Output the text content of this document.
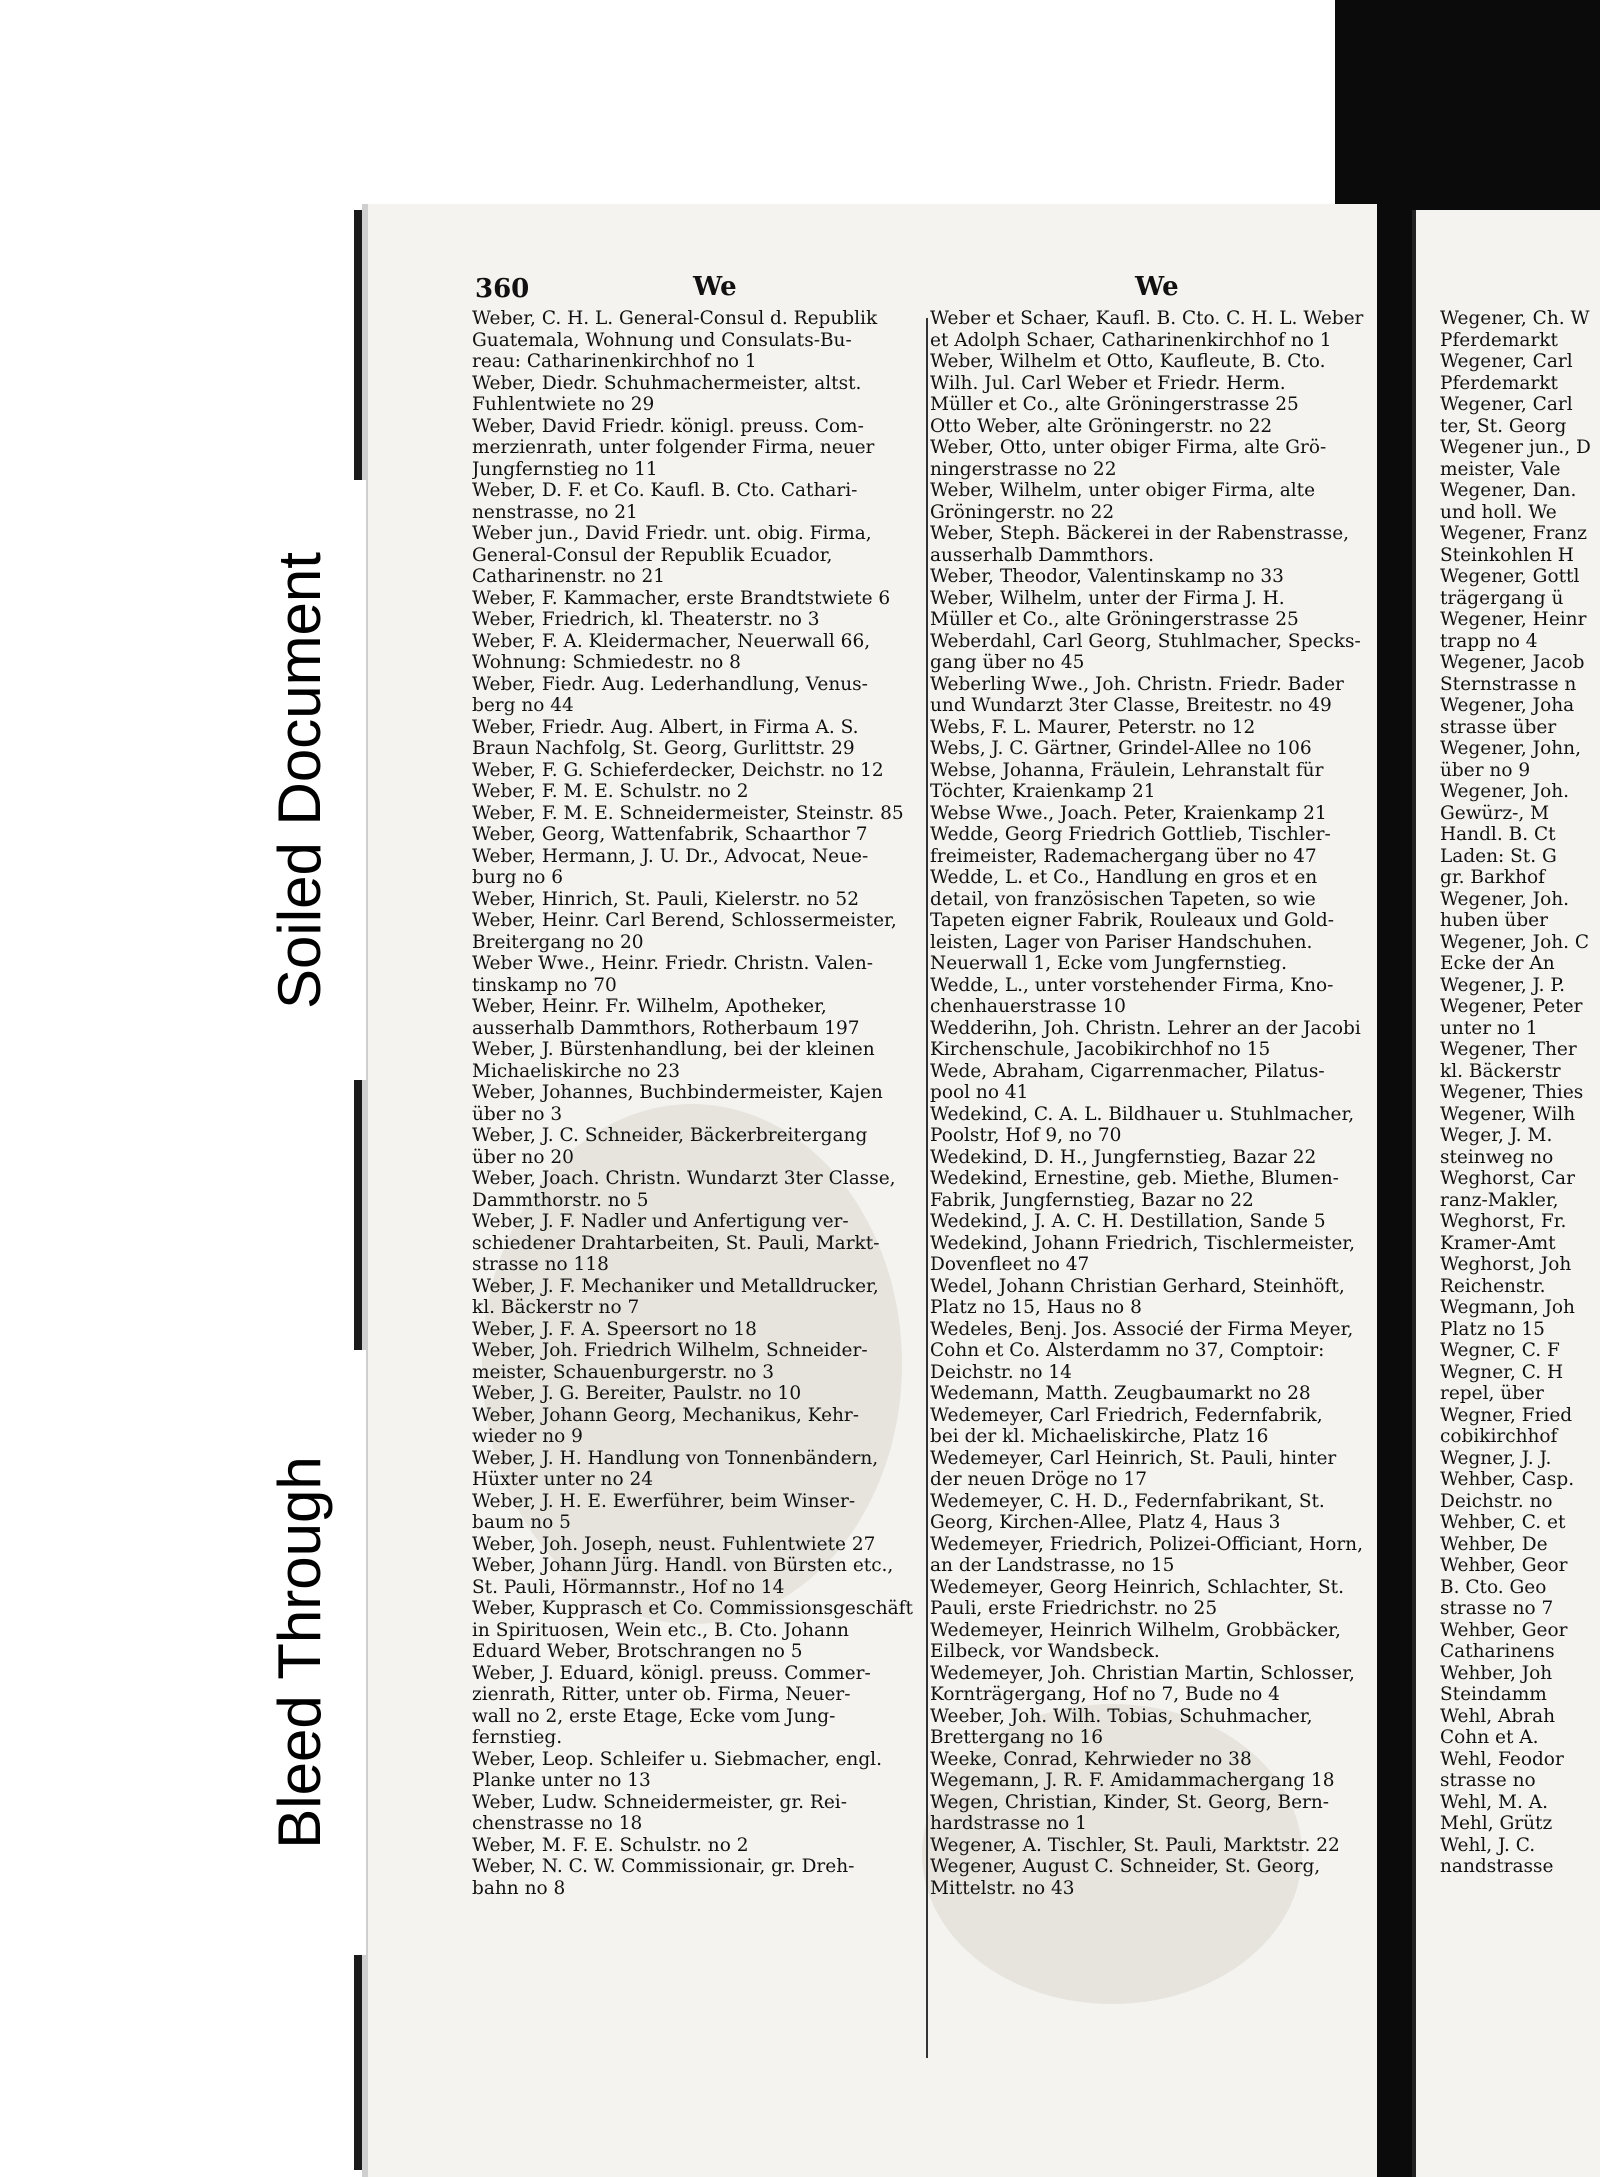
Soiled Document
Bleed Through
360	We	We
Weber, C. H. L. General-Consul d. Republik
Guatemala, Wohnung und Consulats-Bu-
reau: Catharinenkirchhof no 1
Weber, Diedr. Schuhmachermeister, altst.
Fuhlentwiete no 29
Weber, David Friedr. königl. preuss. Com-
merzienrath, unter folgender Firma, neuer
Jungfernstieg no 11
Weber, D. F. et Co. Kaufl. B. Cto. Cathari-
nenstrasse, no 21
Weber jun., David Friedr. unt. obig. Firma,
General-Consul der Republik Ecuador,
Catharinenstr. no 21
Weber, F. Kammacher, erste Brandtstwiete 6
Weber, Friedrich, kl. Theaterstr. no 3
Weber, F. A. Kleidermacher, Neuerwall 66,
Wohnung: Schmiedestr. no 8
Weber, Fiedr. Aug. Lederhandlung, Venus-
berg no 44
Weber, Friedr. Aug. Albert, in Firma A. S.
Braun Nachfolg, St. Georg, Gurlittstr. 29
Weber, F. G. Schieferdecker, Deichstr. no 12
Weber, F. M. E. Schulstr. no 2
Weber, F. M. E. Schneidermeister, Steinstr. 85
Weber, Georg, Wattenfabrik, Schaarthor 7
Weber, Hermann, J. U. Dr., Advocat, Neue-
burg no 6
Weber, Hinrich, St. Pauli, Kielerstr. no 52
Weber, Heinr. Carl Berend, Schlossermeister,
Breitergang no 20
Weber Wwe., Heinr. Friedr. Christn. Valen-
tinskamp no 70
Weber, Heinr. Fr. Wilhelm, Apotheker,
ausserhalb Dammthors, Rotherbaum 197
Weber, J. Bürstenhandlung, bei der kleinen
Michaeliskirche no 23
Weber, Johannes, Buchbindermeister, Kajen
über no 3
Weber, J. C. Schneider, Bäckerbreitergang
über no 20
Weber, Joach. Christn. Wundarzt 3ter Classe,
Dammthorstr. no 5
Weber, J. F. Nadler und Anfertigung ver-
schiedener Drahtarbeiten, St. Pauli, Markt-
strasse no 118
Weber, J. F. Mechaniker und Metalldrucker,
kl. Bäckerstr no 7
Weber, J. F. A. Speersort no 18
Weber, Joh. Friedrich Wilhelm, Schneider-
meister, Schauenburgerstr. no 3
Weber, J. G. Bereiter, Paulstr. no 10
Weber, Johann Georg, Mechanikus, Kehr-
wieder no 9
Weber, J. H. Handlung von Tonnenbändern,
Hüxter unter no 24
Weber, J. H. E. Ewerführer, beim Winser-
baum no 5
Weber, Joh. Joseph, neust. Fuhlentwiete 27
Weber, Johann Jürg. Handl. von Bürsten etc.,
St. Pauli, Hörmannstr., Hof no 14
Weber, Kupprasch et Co. Commissionsgeschäft
in Spirituosen, Wein etc., B. Cto. Johann
Eduard Weber, Brotschrangen no 5
Weber, J. Eduard, königl. preuss. Commer-
zienrath, Ritter, unter ob. Firma, Neuer-
wall no 2, erste Etage, Ecke vom Jung-
fernstieg.
Weber, Leop. Schleifer u. Siebmacher, engl.
Planke unter no 13
Weber, Ludw. Schneidermeister, gr. Rei-
chenstrasse no 18
Weber, M. F. E. Schulstr. no 2
Weber, N. C. W. Commissionair, gr. Dreh-
bahn no 8
Weber et Schaer, Kaufl. B. Cto. C. H. L. Weber
et Adolph Schaer, Catharinenkirchhof no 1
Weber, Wilhelm et Otto, Kaufleute, B. Cto.
Wilh. Jul. Carl Weber et Friedr. Herm.
Müller et Co., alte Gröningerstrasse 25
Otto Weber, alte Gröningerstr. no 22
Weber, Otto, unter obiger Firma, alte Grö-
ningerstrasse no 22
Weber, Wilhelm, unter obiger Firma, alte
Gröningerstr. no 22
Weber, Steph. Bäckerei in der Rabenstrasse,
ausserhalb Dammthors.
Weber, Theodor, Valentinskamp no 33
Weber, Wilhelm, unter der Firma J. H.
Müller et Co., alte Gröningerstrasse 25
Weberdahl, Carl Georg, Stuhlmacher, Specks-
gang über no 45
Weberling Wwe., Joh. Christn. Friedr. Bader
und Wundarzt 3ter Classe, Breitestr. no 49
Webs, F. L. Maurer, Peterstr. no 12
Webs, J. C. Gärtner, Grindel-Allee no 106
Webse, Johanna, Fräulein, Lehranstalt für
Töchter, Kraienkamp 21
Webse Wwe., Joach. Peter, Kraienkamp 21
Wedde, Georg Friedrich Gottlieb, Tischler-
freimeister, Rademachergang über no 47
Wedde, L. et Co., Handlung en gros et en
detail, von französischen Tapeten, so wie
Tapeten eigner Fabrik, Rouleaux und Gold-
leisten, Lager von Pariser Handschuhen.
Neuerwall 1, Ecke vom Jungfernstieg.
Wedde, L., unter vorstehender Firma, Kno-
chenhauerstrasse 10
Wedderihn, Joh. Christn. Lehrer an der Jacobi
Kirchenschule, Jacobikirchhof no 15
Wede, Abraham, Cigarrenmacher, Pilatus-
pool no 41
Wedekind, C. A. L. Bildhauer u. Stuhlmacher,
Poolstr, Hof 9, no 70
Wedekind, D. H., Jungfernstieg, Bazar 22
Wedekind, Ernestine, geb. Miethe, Blumen-
Fabrik, Jungfernstieg, Bazar no 22
Wedekind, J. A. C. H. Destillation, Sande 5
Wedekind, Johann Friedrich, Tischlermeister,
Dovenfleet no 47
Wedel, Johann Christian Gerhard, Steinhöft,
Platz no 15, Haus no 8
Wedeles, Benj. Jos. Associé der Firma Meyer,
Cohn et Co. Alsterdamm no 37, Comptoir:
Deichstr. no 14
Wedemann, Matth. Zeugbaumarkt no 28
Wedemeyer, Carl Friedrich, Federnfabrik,
bei der kl. Michaeliskirche, Platz 16
Wedemeyer, Carl Heinrich, St. Pauli, hinter
der neuen Dröge no 17
Wedemeyer, C. H. D., Federnfabrikant, St.
Georg, Kirchen-Allee, Platz 4, Haus 3
Wedemeyer, Friedrich, Polizei-Officiant, Horn,
an der Landstrasse, no 15
Wedemeyer, Georg Heinrich, Schlachter, St.
Pauli, erste Friedrichstr. no 25
Wedemeyer, Heinrich Wilhelm, Grobbäcker,
Eilbeck, vor Wandsbeck.
Wedemeyer, Joh. Christian Martin, Schlosser,
Kornträgergang, Hof no 7, Bude no 4
Weeber, Joh. Wilh. Tobias, Schuhmacher,
Brettergang no 16
Weeke, Conrad, Kehrwieder no 38
Wegemann, J. R. F. Amidammachergang 18
Wegen, Christian, Kinder, St. Georg, Bern-
hardstrasse no 1
Wegener, A. Tischler, St. Pauli, Marktstr. 22
Wegener, August C. Schneider, St. Georg,
Mittelstr. no 43
Wegener, Ch. W
Pferdemarkt
Wegener, Carl
Pferdemarkt
Wegener, Carl
ter, St. Georg
Wegener jun., D
meister, Vale
Wegener, Dan.
und holl. We
Wegener, Franz
Steinkohlen H
Wegener, Gottl
trägergang ü
Wegener, Heinr
trapp no 4
Wegener, Jacob
Sternstrasse n
Wegener, Joha
strasse über
Wegener, John,
über no 9
Wegener, Joh.
Gewürz-, M
Handl. B. Ct
Laden: St. G
gr. Barkhof
Wegener, Joh.
huben über
Wegener, Joh. C
Ecke der An
Wegener, J. P.
Wegener, Peter
unter no 1
Wegener, Ther
kl. Bäckerstr
Wegener, Thies
Wegener, Wilh
Weger, J. M.
steinweg no
Weghorst, Car
ranz-Makler,
Weghorst, Fr.
Kramer-Amt
Weghorst, Joh
Reichenstr.
Wegmann, Joh
Platz no 15
Wegner, C. F
Wegner, C. H
repel, über
Wegner, Fried
cobikirchhof
Wegner, J. J.
Wehber, Casp.
Deichstr. no
Wehber, C. et
Wehber, De
Wehber, Geor
B. Cto. Geo
strasse no 7
Wehber, Geor
Catharinens
Wehber, Joh
Steindamm
Wehl, Abrah
Cohn et A.
Wehl, Feodor
strasse no
Wehl, M. A.
Mehl, Grütz
Wehl, J. C.
nandstrasse
